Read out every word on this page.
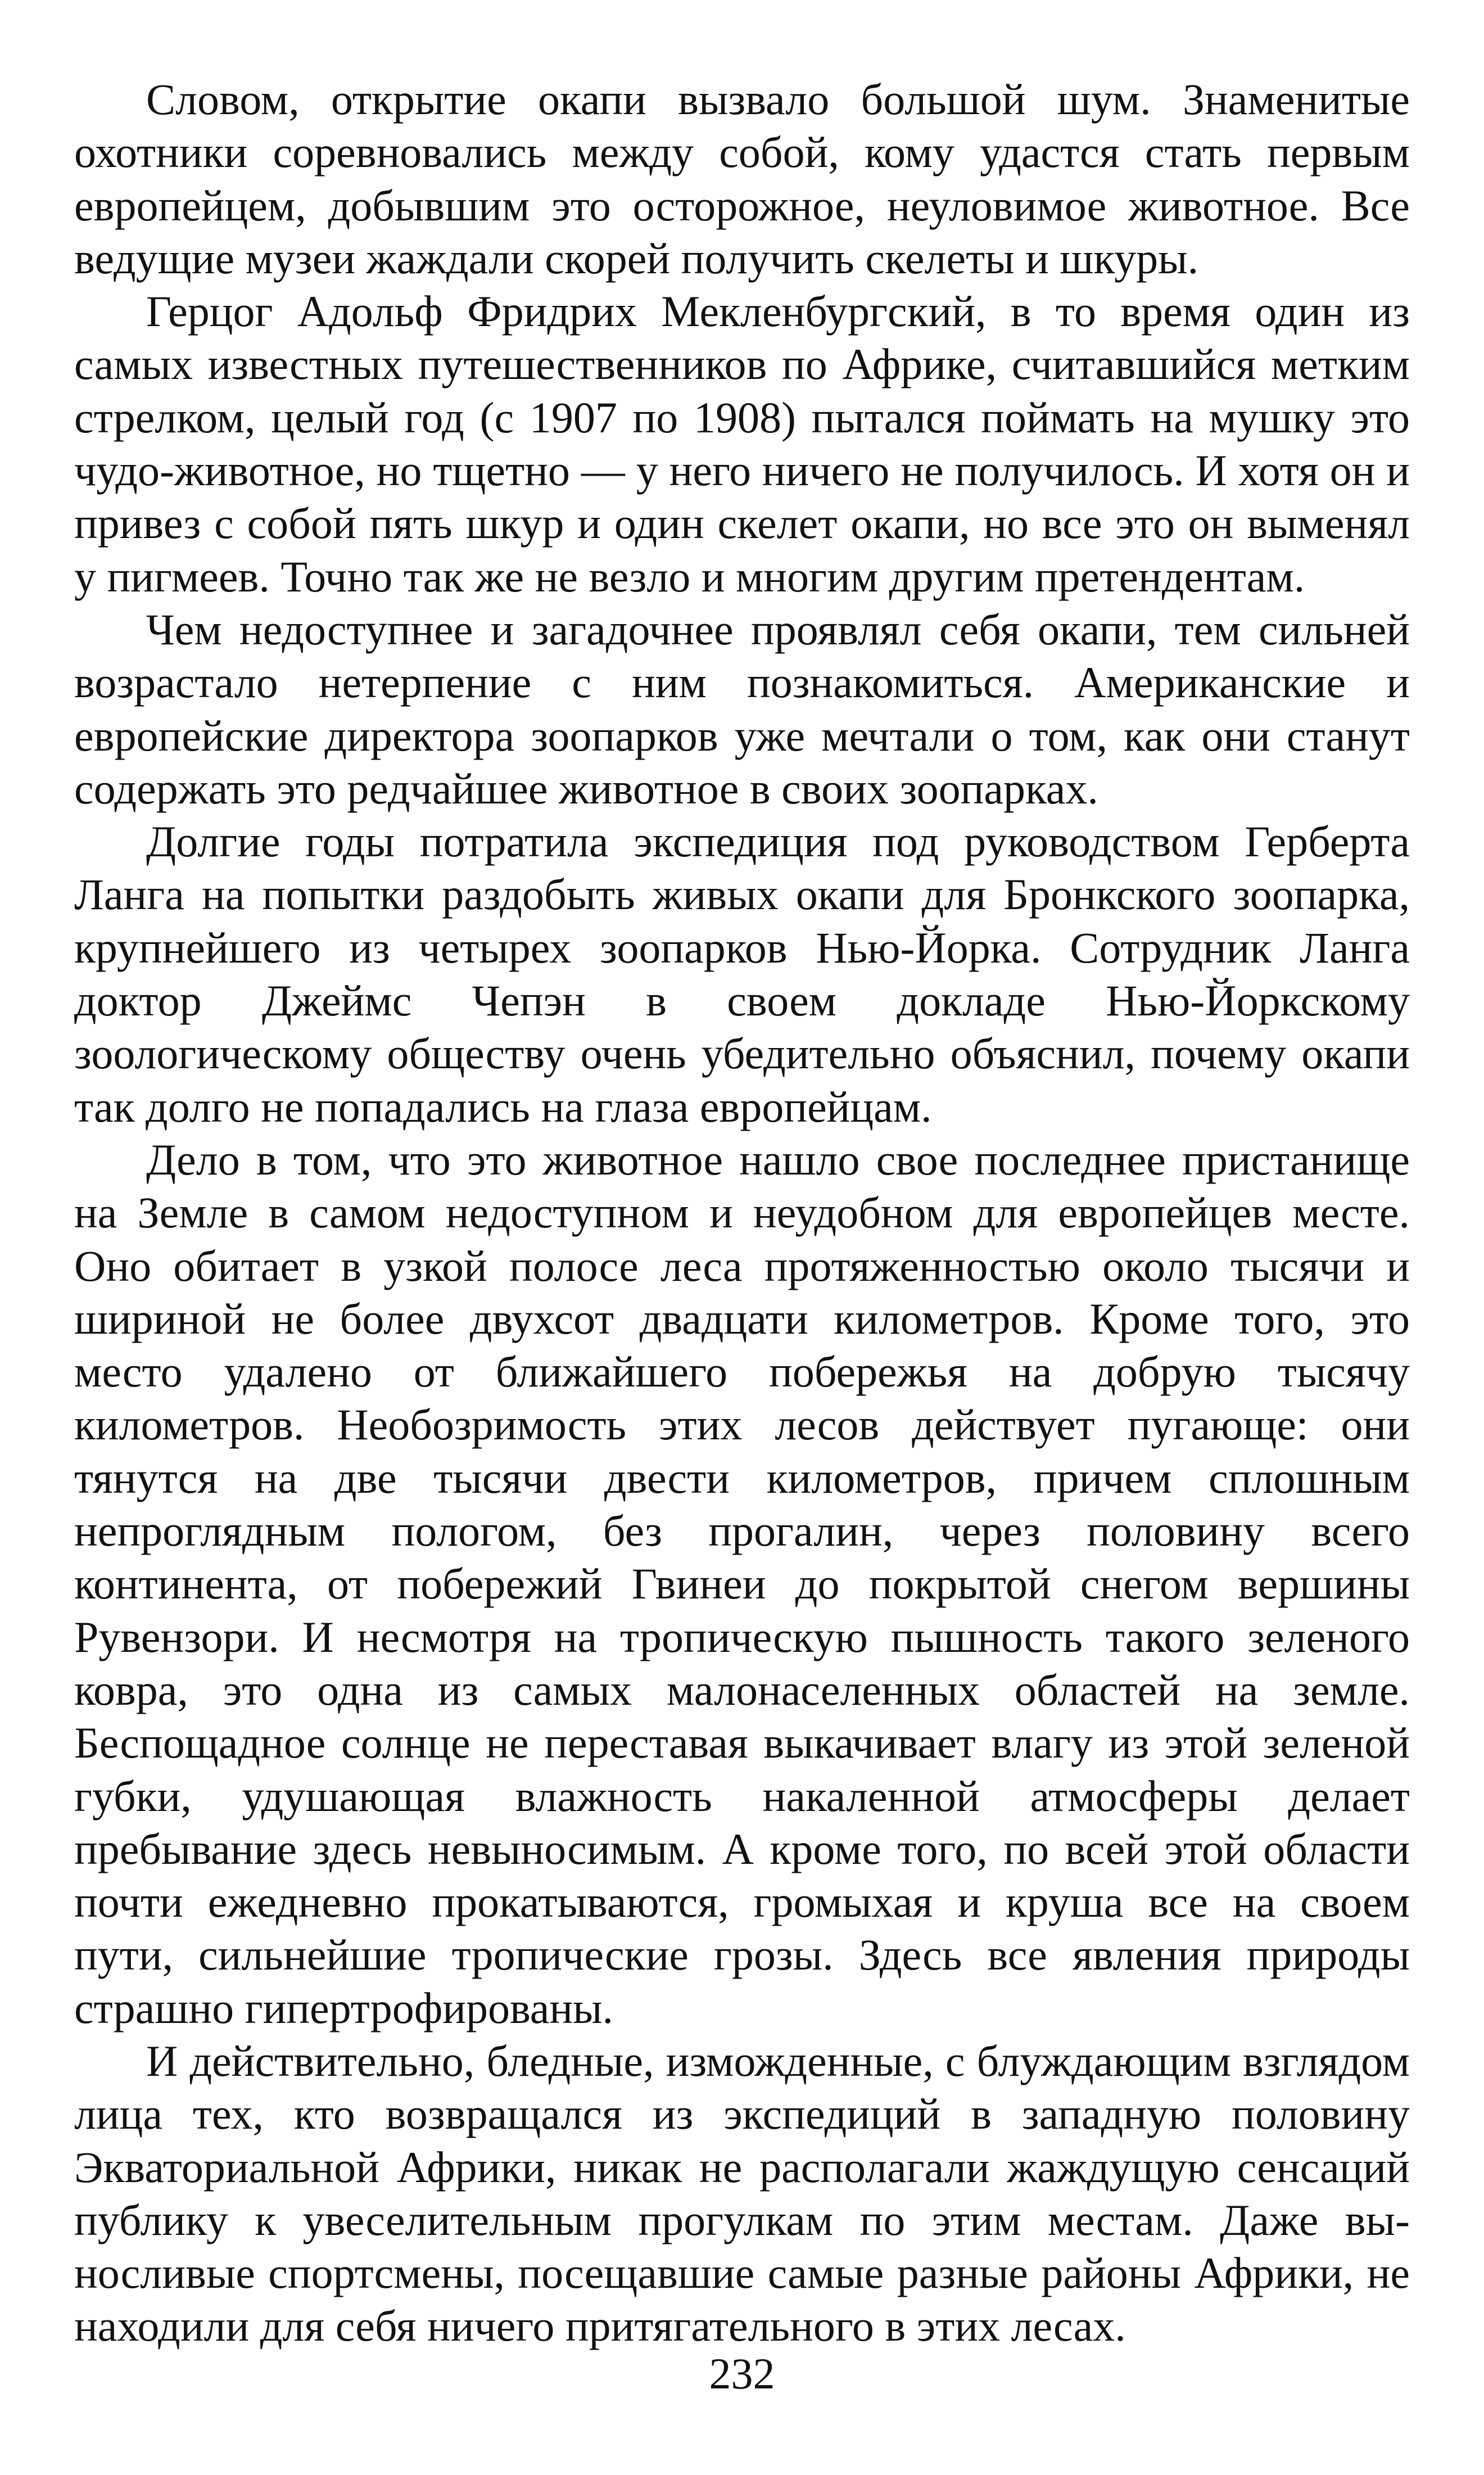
Словом, открытие окапи вызвало большой шум. Знаменитые охотники соревновались между собой, кому удастся стать первым европейцем, добывшим это осторожное, неуловимое животное. Все ведущие музеи жаждали скорей получить скелеты и шкуры.

Герцог Адольф Фридрих Мекленбургский, в то время один из самых известных путешественников по Африке, считавшийся метким стрелком, целый год (с 1907 по 1908) пытался поймать на мушку это чудо-животное, но тщетно — у него ничего не получилось. И хотя он и привез с собой пять шкур и один скелет окапи, но все это он выменял у пигмеев. Точно так же не везло и многим другим претендентам.

Чем недоступнее и загадочнее проявлял себя окапи, тем сильней возрастало нетерпение с ним познакомиться. Американские и европейские директора зоопарков уже мечтали о том, как они станут содержать это редчайшее животное в своих зоопарках.

Долгие годы потратила экспедиция под руководством Герберта Ланга на попытки раздобыть живых окапи для Бронкского зоопарка, крупнейшего из четырех зоопарков Нью-Йорка. Сотрудник Ланга доктор Джеймс Чепэн в своем докладе Нью-Йоркскому зоологическому обществу очень убедительно объяснил, почему окапи так долго не попадались на глаза европейцам.

Дело в том, что это животное нашло свое последнее пристанище на Земле в самом недоступном и неудобном для европейцев месте. Оно обитает в узкой полосе леса протяженностью около тысячи и шириной не более двухсот двадцати километров. Кроме того, это место удалено от ближайшего побережья на добрую тысячу километров. Необозримость этих лесов действует пугающе: они тянутся на две тысячи двести километров, причем сплошным непроглядным пологом, без прогалин, через половину всего континента, от побережий Гвинеи до покрытой снегом вершины Рувензори. И несмотря на тропическую пышность такого зеленого ковра, это одна из самых малонаселенных областей на земле. Беспощадное солнце не переставая выкачивает влагу из этой зеленой губки, удушающая влажность накаленной атмосферы делает пребывание здесь невыносимым. А кроме того, по всей этой области почти ежедневно прокатываются, громыхая и круша все на своем пути, сильнейшие тропические грозы. Здесь все явления природы страшно гипертрофированы.

И действительно, бледные, изможденные, с блуждающим взглядом лица тех, кто возвращался из экспедиций в западную половину Экваториальной Африки, никак не располагали жаждущую сенсаций публику к увеселительным прогулкам по этим местам. Даже выносливые спортсмены, посещавшие самые разные районы Африки, не находили для себя ничего притягательного в этих лесах.

232
